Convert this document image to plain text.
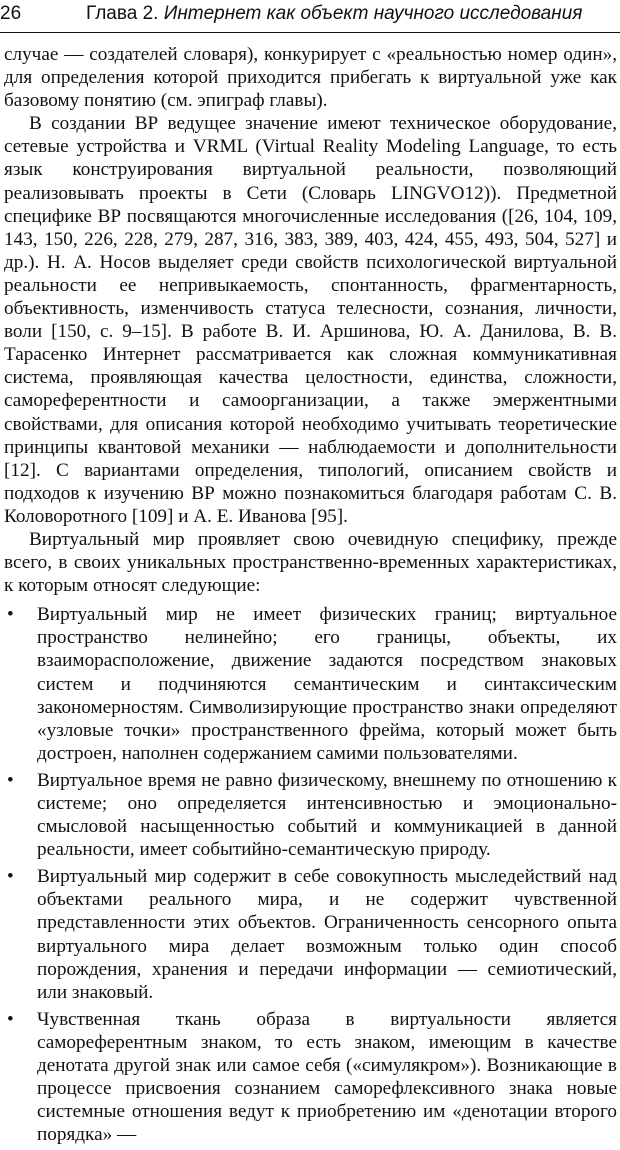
26	Глава 2. Интернет как объект научного исследования

случае — создателей словаря), конкурирует с «реальностью номер один», для определения которой приходится прибегать к виртуальной уже как базовому понятию (см. эпиграф главы).

В создании ВР ведущее значение имеют техническое оборудование, сетевые устройства и VRML (Virtual Reality Modeling Language, то есть язык конструирования виртуальной реальности, позволяющий реализовывать проекты в Сети (Словарь LINGVO12)). Предметной специфике ВР посвящаются многочисленные исследования ([26, 104, 109, 143, 150, 226, 228, 279, 287, 316, 383, 389, 403, 424, 455, 493, 504, 527] и др.). Н. А. Носов выделяет среди свойств психологической виртуальной реальности ее непривыкаемость, спонтанность, фрагментарность, объективность, изменчивость статуса телесности, сознания, личности, воли [150, с. 9–15]. В работе В. И. Аршинова, Ю. А. Данилова, В. В. Тарасенко Интернет рассматривается как сложная коммуникативная система, проявляющая качества целостности, единства, сложности, самореферентности и самоорганизации, а также эмержентными свойствами, для описания которой необходимо учитывать теоретические принципы квантовой механики — наблюдаемости и дополнительности [12]. С вариантами определения, типологий, описанием свойств и подходов к изучению ВР можно познакомиться благодаря работам С. В. Коловоротного [109] и А. Е. Иванова [95].

Виртуальный мир проявляет свою очевидную специфику, прежде всего, в своих уникальных пространственно-временных характеристиках, к которым относят следующие:

• Виртуальный мир не имеет физических границ; виртуальное пространство нелинейно; его границы, объекты, их взаиморасположение, движение задаются посредством знаковых систем и подчиняются семантическим и синтаксическим закономерностям. Символизирующие пространство знаки определяют «узловые точки» пространственного фрейма, который может быть достроен, наполнен содержанием самими пользователями.
• Виртуальное время не равно физическому, внешнему по отношению к системе; оно определяется интенсивностью и эмоционально-смысловой насыщенностью событий и коммуникацией в данной реальности, имеет событийно-семантическую природу.
• Виртуальный мир содержит в себе совокупность мыследействий над объектами реального мира, и не содержит чувственной представленности этих объектов. Ограниченность сенсорного опыта виртуального мира делает возможным только один способ порождения, хранения и передачи информации — семиотический, или знаковый.
• Чувственная ткань образа в виртуальности является самореферентным знаком, то есть знаком, имеющим в качестве денотата другой знак или самое себя («симулякром»). Возникающие в процессе присвоения сознанием саморефлексивного знака новые системные отношения ведут к приобретению им «денотации второго порядка» —
